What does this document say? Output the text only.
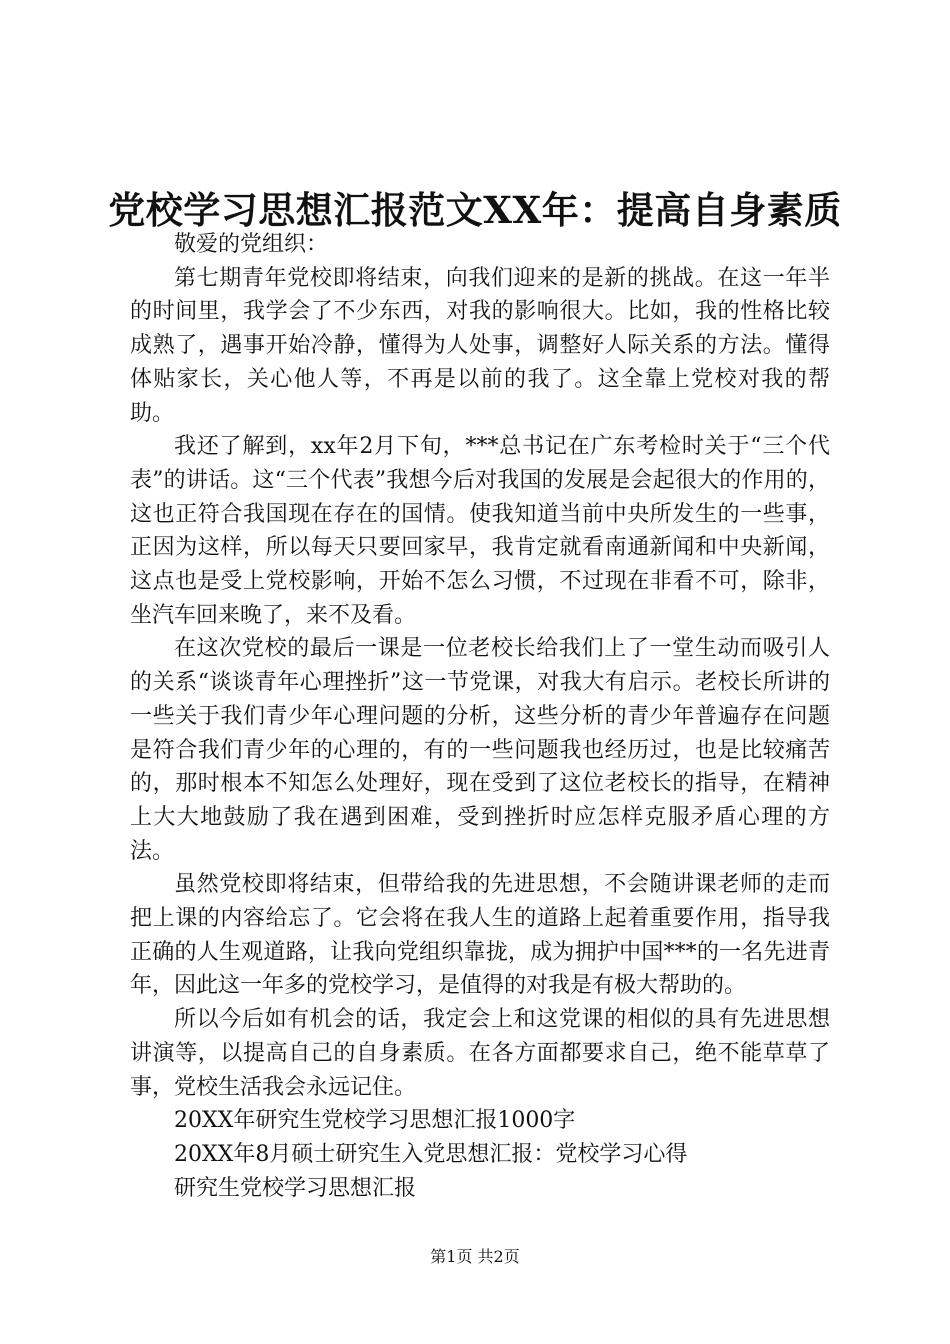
党校学习思想汇报范文XX年：提高自身素质

敬爱的党组织：

第七期青年党校即将结束，向我们迎来的是新的挑战。在这一年半的时间里，我学会了不少东西，对我的影响很大。比如，我的性格比较成熟了，遇事开始冷静，懂得为人处事，调整好人际关系的方法。懂得体贴家长，关心他人等，不再是以前的我了。这全靠上党校对我的帮助。

我还了解到，xx年2月下旬，***总书记在广东考检时关于“三个代表”的讲话。这“三个代表”我想今后对我国的发展是会起很大的作用的，这也正符合我国现在存在的国情。使我知道当前中央所发生的一些事，正因为这样，所以每天只要回家早，我肯定就看南通新闻和中央新闻，这点也是受上党校影响，开始不怎么习惯，不过现在非看不可，除非，坐汽车回来晚了，来不及看。

在这次党校的最后一课是一位老校长给我们上了一堂生动而吸引人的关系“谈谈青年心理挫折”这一节党课，对我大有启示。老校长所讲的一些关于我们青少年心理问题的分析，这些分析的青少年普遍存在问题是符合我们青少年的心理的，有的一些问题我也经历过，也是比较痛苦的，那时根本不知怎么处理好，现在受到了这位老校长的指导，在精神上大大地鼓励了我在遇到困难，受到挫折时应怎样克服矛盾心理的方法。

虽然党校即将结束，但带给我的先进思想，不会随讲课老师的走而把上课的内容给忘了。它会将在我人生的道路上起着重要作用，指导我正确的人生观道路，让我向党组织靠拢，成为拥护中国***的一名先进青年，因此这一年多的党校学习，是值得的对我是有极大帮助的。

所以今后如有机会的话，我定会上和这党课的相似的具有先进思想讲演等，以提高自己的自身素质。在各方面都要求自己，绝不能草草了事，党校生活我会永远记住。

20XX年研究生党校学习思想汇报1000字

20XX年8月硕士研究生入党思想汇报：党校学习心得

研究生党校学习思想汇报

第1页 共2页
